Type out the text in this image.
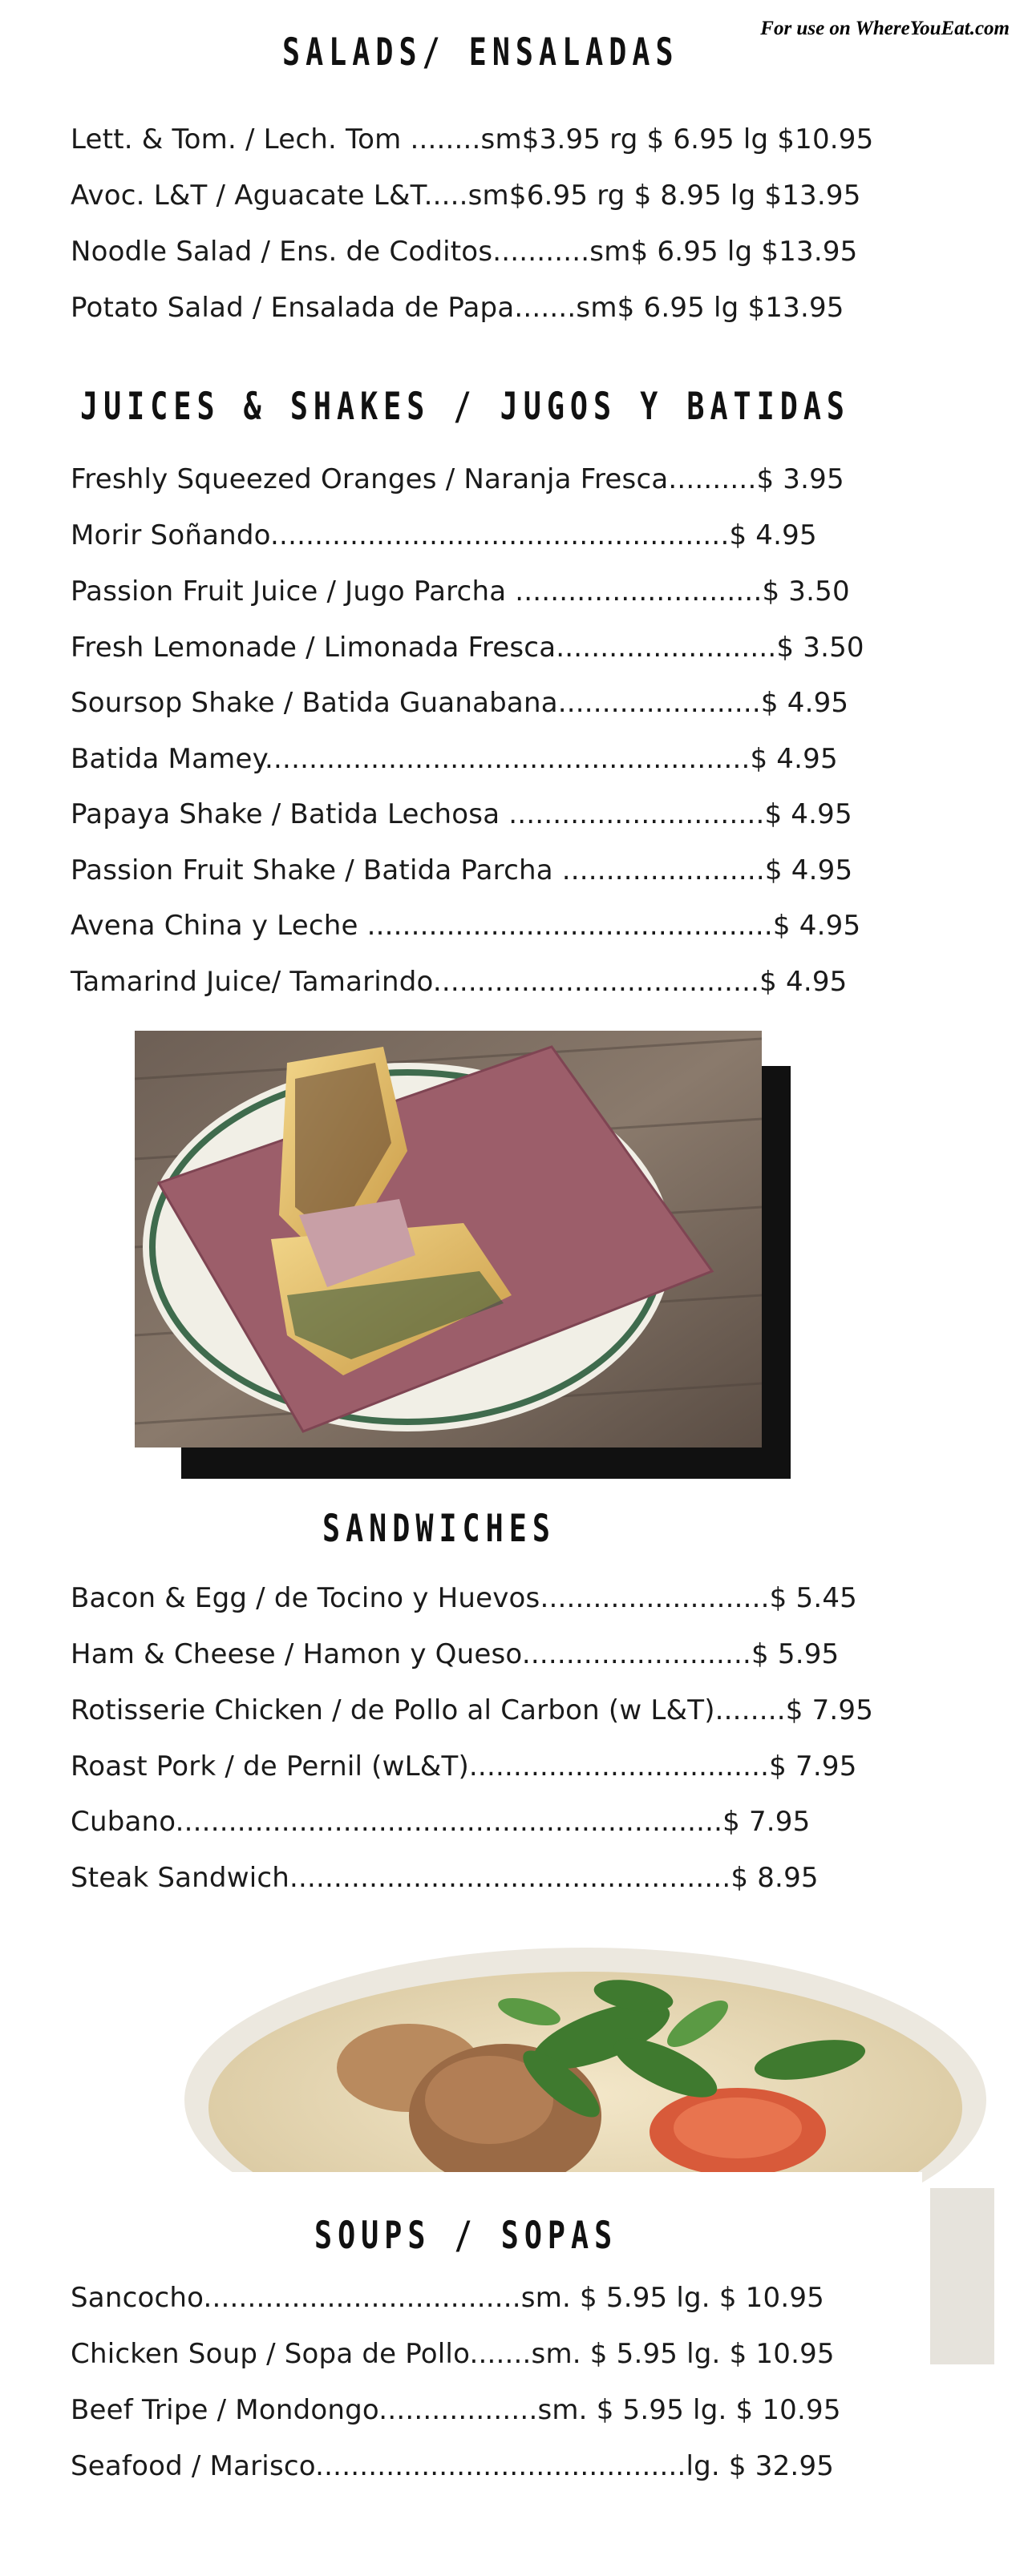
For use on WhereYouEat.com
SALADS/ ENSALADAS
Lett. & Tom. / Lech. Tom ........sm$3.95 rg $ 6.95 lg $10.95
Avoc. L&T / Aguacate L&T.....sm$6.95 rg $ 8.95 lg $13.95
Noodle Salad / Ens. de Coditos...........sm$ 6.95 lg $13.95
Potato Salad / Ensalada de Papa.......sm$ 6.95 lg $13.95
JUICES & SHAKES / JUGOS Y BATIDAS
Freshly Squeezed Oranges / Naranja Fresca..........$ 3.95
Morir Soñando....................................................$ 4.95
Passion Fruit Juice / Jugo Parcha ............................$ 3.50
Fresh Lemonade / Limonada Fresca.........................$ 3.50
Soursop Shake / Batida Guanabana.......................$ 4.95
Batida Mamey.......................................................$ 4.95
Papaya Shake / Batida Lechosa .............................$ 4.95
Passion Fruit Shake / Batida Parcha .......................$ 4.95
Avena China y Leche ..............................................$ 4.95
Tamarind Juice/ Tamarindo.....................................$ 4.95
SANDWICHES
Bacon & Egg / de Tocino y Huevos..........................$ 5.45
Ham & Cheese / Hamon y Queso..........................$ 5.95
Rotisserie Chicken / de Pollo al Carbon (w L&T)........$ 7.95
Roast Pork / de Pernil (wL&T)..................................$ 7.95
Cubano..............................................................$ 7.95
Steak Sandwich..................................................$ 8.95
SOUPS / SOPAS
Sancocho....................................sm. $ 5.95 lg. $ 10.95
Chicken Soup / Sopa de Pollo.......sm. $ 5.95 lg. $ 10.95
Beef Tripe / Mondongo..................sm. $ 5.95 lg. $ 10.95
Seafood / Marisco..........................................lg. $ 32.95
